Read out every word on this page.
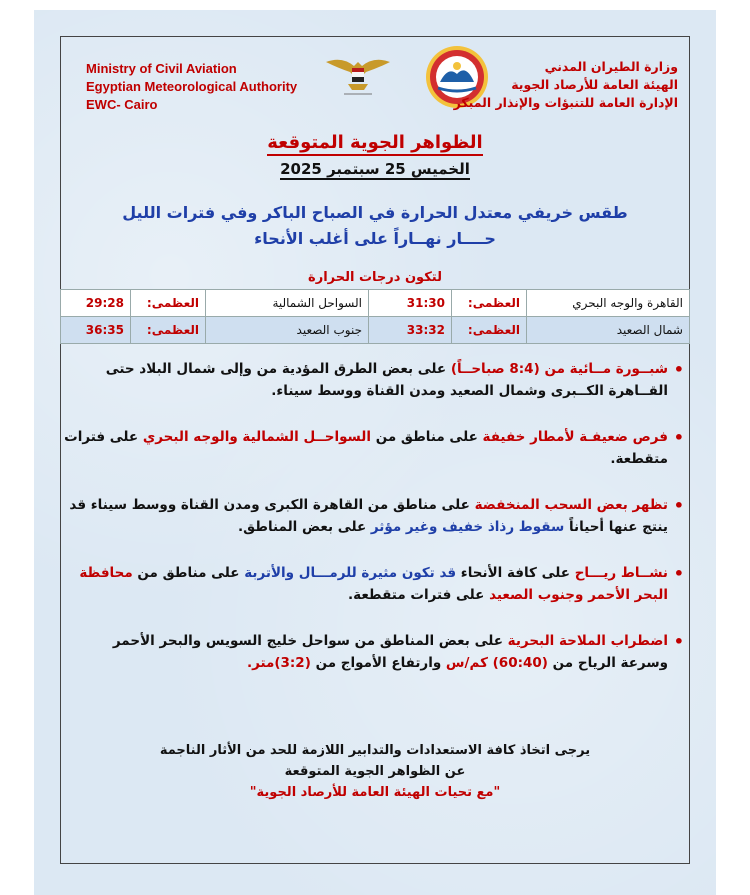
Ministry of Civil Aviation
Egyptian Meteorological Authority
EWC- Cairo
وزارة الطيران المدني
الهيئة العامة للأرصاد الجوية
الإدارة العامة للتنبؤات والإنذار المبكر
الظواهر الجوية المتوقعة
الخميس 25 سبتمبر 2025
طقس خريفي معتدل الحرارة في الصباح الباكر وفي فترات الليل
حــــار نهــاراً على أغلب الأنحاء
لتكون درجات الحرارة
القاهرة والوجه البحري	العظمى:	31:30	السواحل الشمالية	العظمى:	29:28
شمال الصعيد	العظمى:	33:32	جنوب الصعيد	العظمى:	36:35

•
شبــورة مــائية من (8:4 صباحــاً) على بعض الطرق المؤدية من وإلى شمال البلاد حتى القــاهرة الكــبرى وشمال الصعيد ومدن القناة ووسط سيناء.

•
فرص ضعيفـة لأمطار خفيفة على مناطق من السواحــل الشمالية والوجه البحري على فترات متقطعة.

•
تظهر بعض السحب المنخفضة على مناطق من القاهرة الكبرى ومدن القناة ووسط سيناء قد ينتج عنها أحياناً سقوط رذاذ خفيف وغير مؤثر على بعض المناطق.

•
نشــاط ريـــاح على كافة الأنحاء قد تكون مثيرة للرمـــال والأتربة على مناطق من محافظة البحر الأحمر وجنوب الصعيد على فترات متقطعة.

•
اضطراب الملاحة البحرية على بعض المناطق من سواحل خليج السويس والبحر الأحمر وسرعة الرياح من (60:40) كم/س وارتفاع الأمواج من (3:2)متر.

يرجى اتخاذ كافة الاستعدادات والتدابير اللازمة للحد من الأثار الناجمة
عن الظواهر الجوية المتوقعة
"مع تحيات الهيئة العامة للأرصاد الجوية"
